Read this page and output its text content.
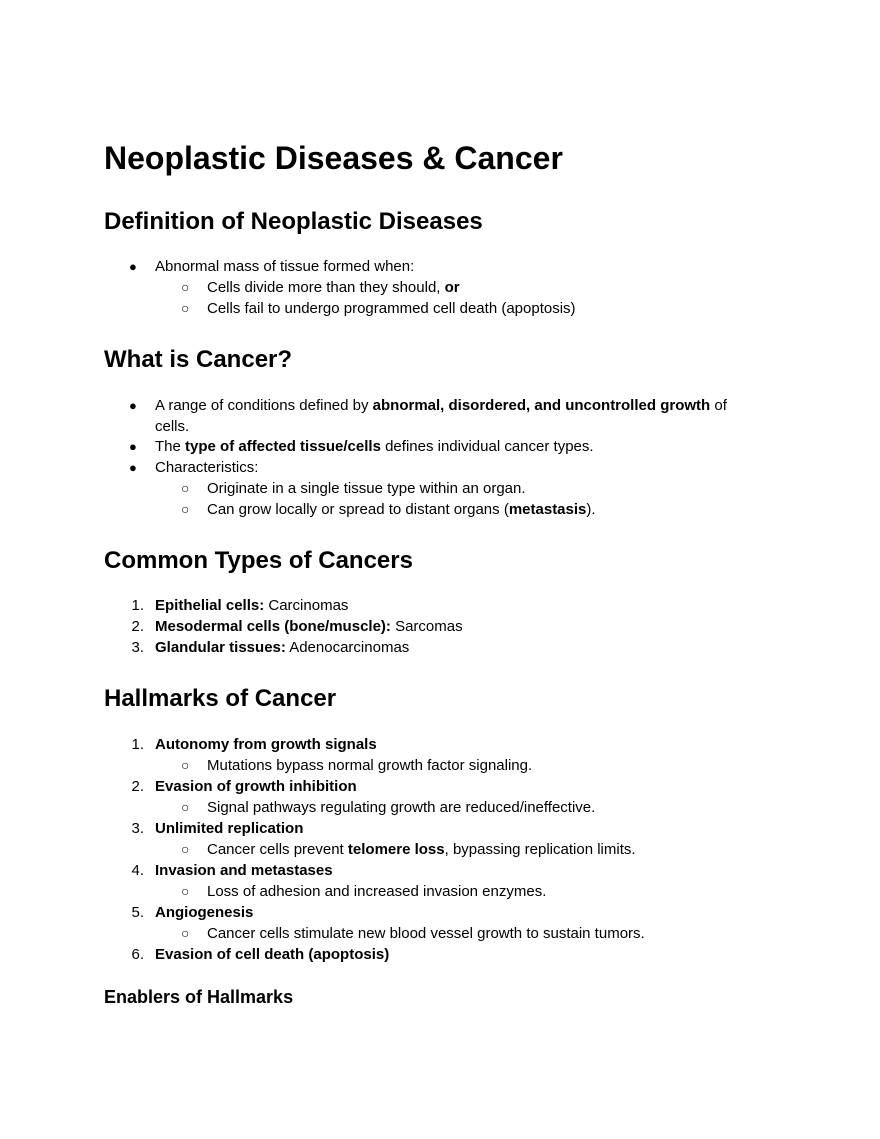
Neoplastic Diseases & Cancer
Definition of Neoplastic Diseases
● Abnormal mass of tissue formed when:
○ Cells divide more than they should, or
○ Cells fail to undergo programmed cell death (apoptosis)
What is Cancer?
● A range of conditions defined by abnormal, disordered, and uncontrolled growth of
cells.
● The type of affected tissue/cells defines individual cancer types.
● Characteristics:
○ Originate in a single tissue type within an organ.
○ Can grow locally or spread to distant organs (metastasis).
Common Types of Cancers
1. Epithelial cells: Carcinomas
2. Mesodermal cells (bone/muscle): Sarcomas
3. Glandular tissues: Adenocarcinomas
Hallmarks of Cancer
1. Autonomy from growth signals
○ Mutations bypass normal growth factor signaling.
2. Evasion of growth inhibition
○ Signal pathways regulating growth are reduced/ineffective.
3. Unlimited replication
○ Cancer cells prevent telomere loss, bypassing replication limits.
4. Invasion and metastases
○ Loss of adhesion and increased invasion enzymes.
5. Angiogenesis
○ Cancer cells stimulate new blood vessel growth to sustain tumors.
6. Evasion of cell death (apoptosis)
Enablers of Hallmarks
